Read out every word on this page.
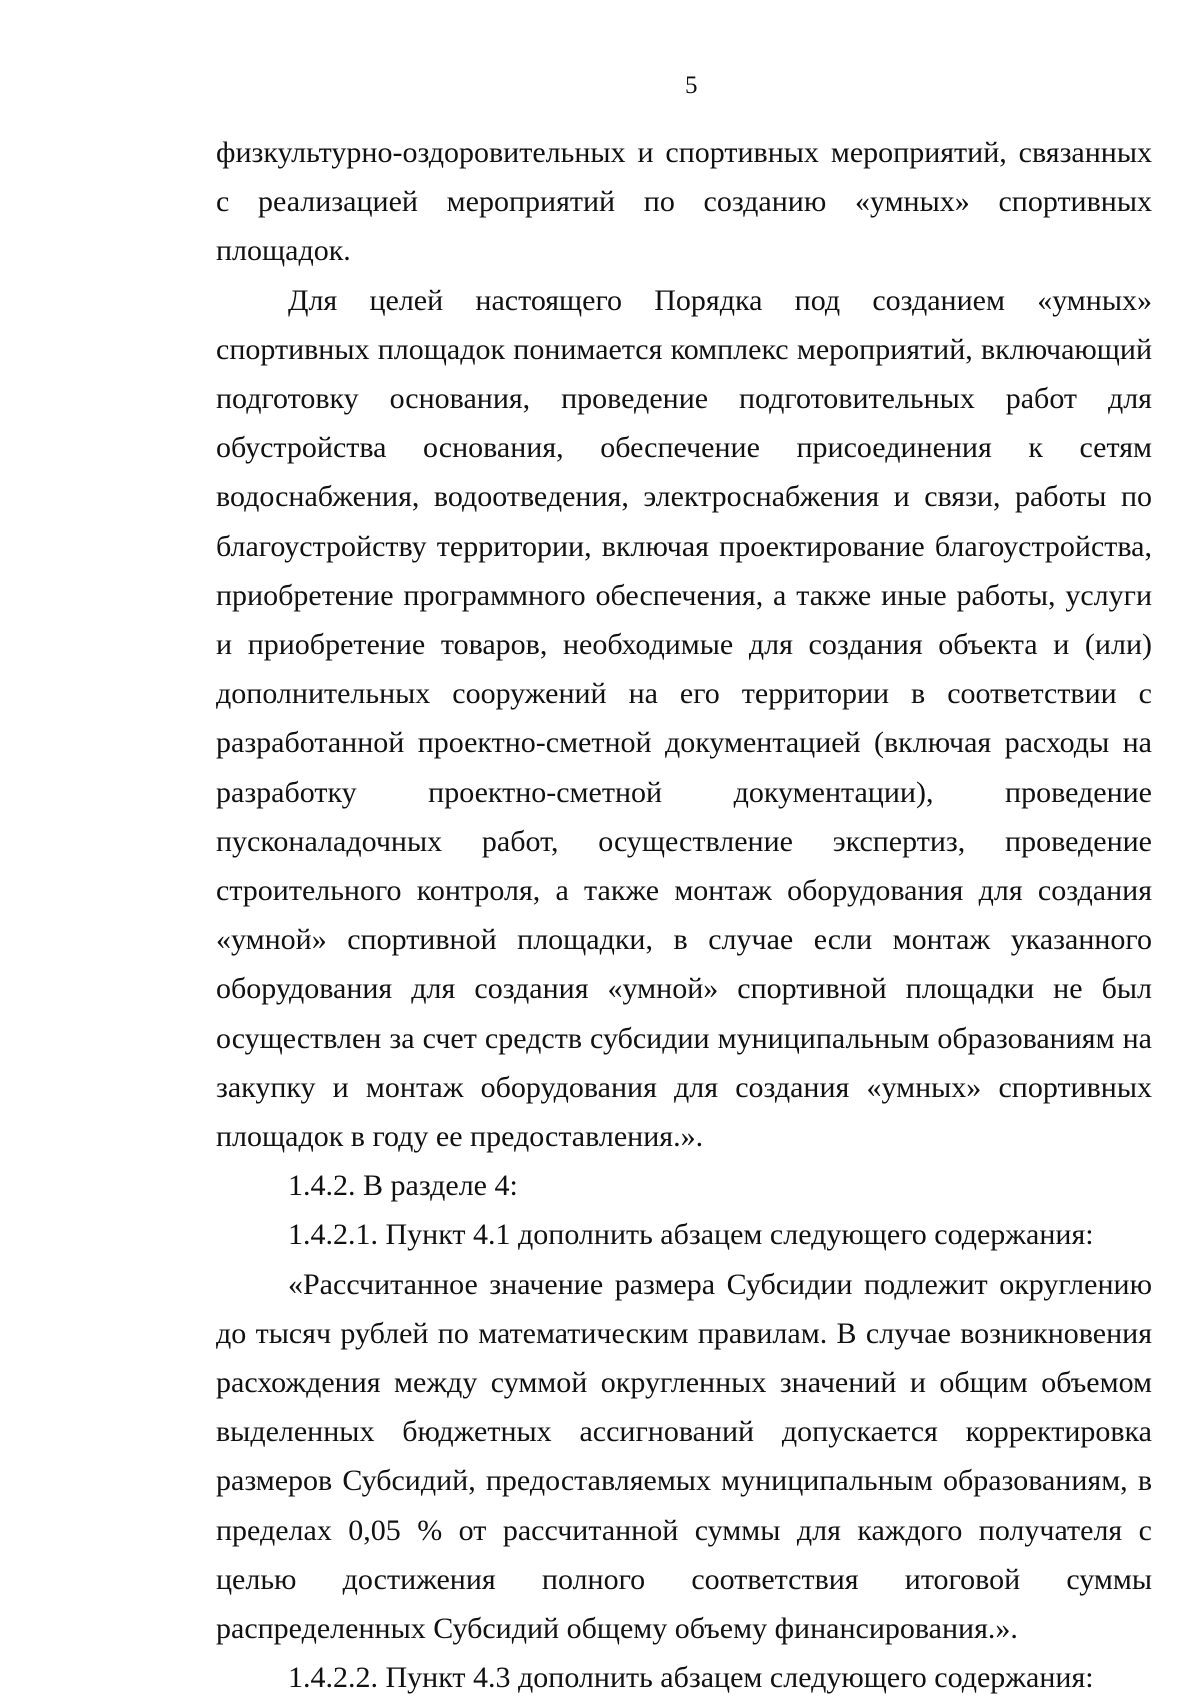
5

физкультурно-оздоровительных и спортивных мероприятий, связанных с реализацией мероприятий по созданию «умных» спортивных площадок.

Для целей настоящего Порядка под созданием «умных» спортивных площадок понимается комплекс мероприятий, включающий подготовку основания, проведение подготовительных работ для обустройства основания, обеспечение присоединения к сетям водоснабжения, водоотведения, электроснабжения и связи, работы по благоустройству территории, включая проектирование благоустройства, приобретение программного обеспечения, а также иные работы, услуги и приобретение товаров, необходимые для создания объекта и (или) дополнительных сооружений на его территории в соответствии с разработанной проектно-сметной документацией (включая расходы на разработку проектно-сметной документации), проведение пусконаладочных работ, осуществление экспертиз, проведение строительного контроля, а также монтаж оборудования для создания «умной» спортивной площадки, в случае если монтаж указанного оборудования для создания «умной» спортивной площадки не был осуществлен за счет средств субсидии муниципальным образованиям на закупку и монтаж оборудования для создания «умных» спортивных площадок в году ее предоставления.».

1.4.2. В разделе 4:

1.4.2.1. Пункт 4.1 дополнить абзацем следующего содержания:

«Рассчитанное значение размера Субсидии подлежит округлению до тысяч рублей по математическим правилам. В случае возникновения расхождения между суммой округленных значений и общим объемом выделенных бюджетных ассигнований допускается корректировка размеров Субсидий, предоставляемых муниципальным образованиям, в пределах 0,05 % от рассчитанной суммы для каждого получателя с целью достижения полного соответствия итоговой суммы распределенных Субсидий общему объему финансирования.».

1.4.2.2. Пункт 4.3 дополнить абзацем следующего содержания:
